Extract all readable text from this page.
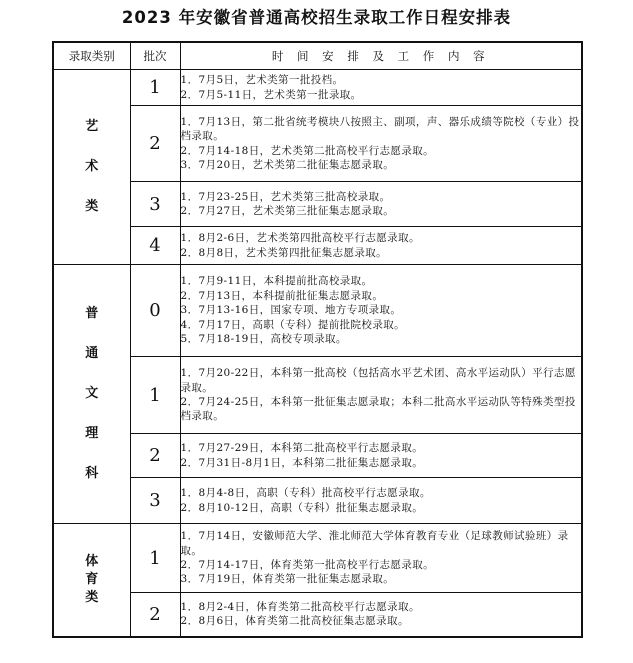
2023 年安徽省普通高校招生录取工作日程安排表
录取类别	批次	时 间 安 排 及 工 作 内 容
艺术类	1	1．7月5日，艺术类第一批投档。
2．7月5-11日，艺术类第一批录取。

	2	1．7月13日，第二批省统考模块八按照主、副项，声、器乐成绩等院校（专业）投档录取。
2．7月14-18日，艺术类第二批高校平行志愿录取。
3．7月20日，艺术类第二批征集志愿录取。

	3	1．7月23-25日，艺术类第三批高校录取。
2．7月27日，艺术类第三批征集志愿录取。

	4	1．8月2-6日，艺术类第四批高校平行志愿录取。
2．8月8日，艺术类第四批征集志愿录取。

普通文理科	0	1．7月9-11日，本科提前批高校录取。
2．7月13日，本科提前批征集志愿录取。
3．7月13-16日，国家专项、地方专项录取。
4．7月17日，高职（专科）提前批院校录取。
5．7月18-19日，高校专项录取。

	1	1．7月20-22日，本科第一批高校（包括高水平艺术团、高水平运动队）平行志愿录取。
2．7月24-25日，本科第一批征集志愿录取；本科二批高水平运动队等特殊类型投档录取。

	2	1．7月27-29日，本科第二批高校平行志愿录取。
2．7月31日-8月1日，本科第二批征集志愿录取。

	3	1．8月4-8日，高职（专科）批高校平行志愿录取。
2．8月10-12日，高职（专科）批征集志愿录取。

体育类	1	1．7月14日，安徽师范大学、淮北师范大学体育教育专业（足球教师试验班）录取。
2．7月14-17日，体育类第一批高校平行志愿录取。
3．7月19日，体育类第一批征集志愿录取。

	2	1．8月2-4日，体育类第二批高校平行志愿录取。
2．8月6日，体育类第二批高校征集志愿录取。
